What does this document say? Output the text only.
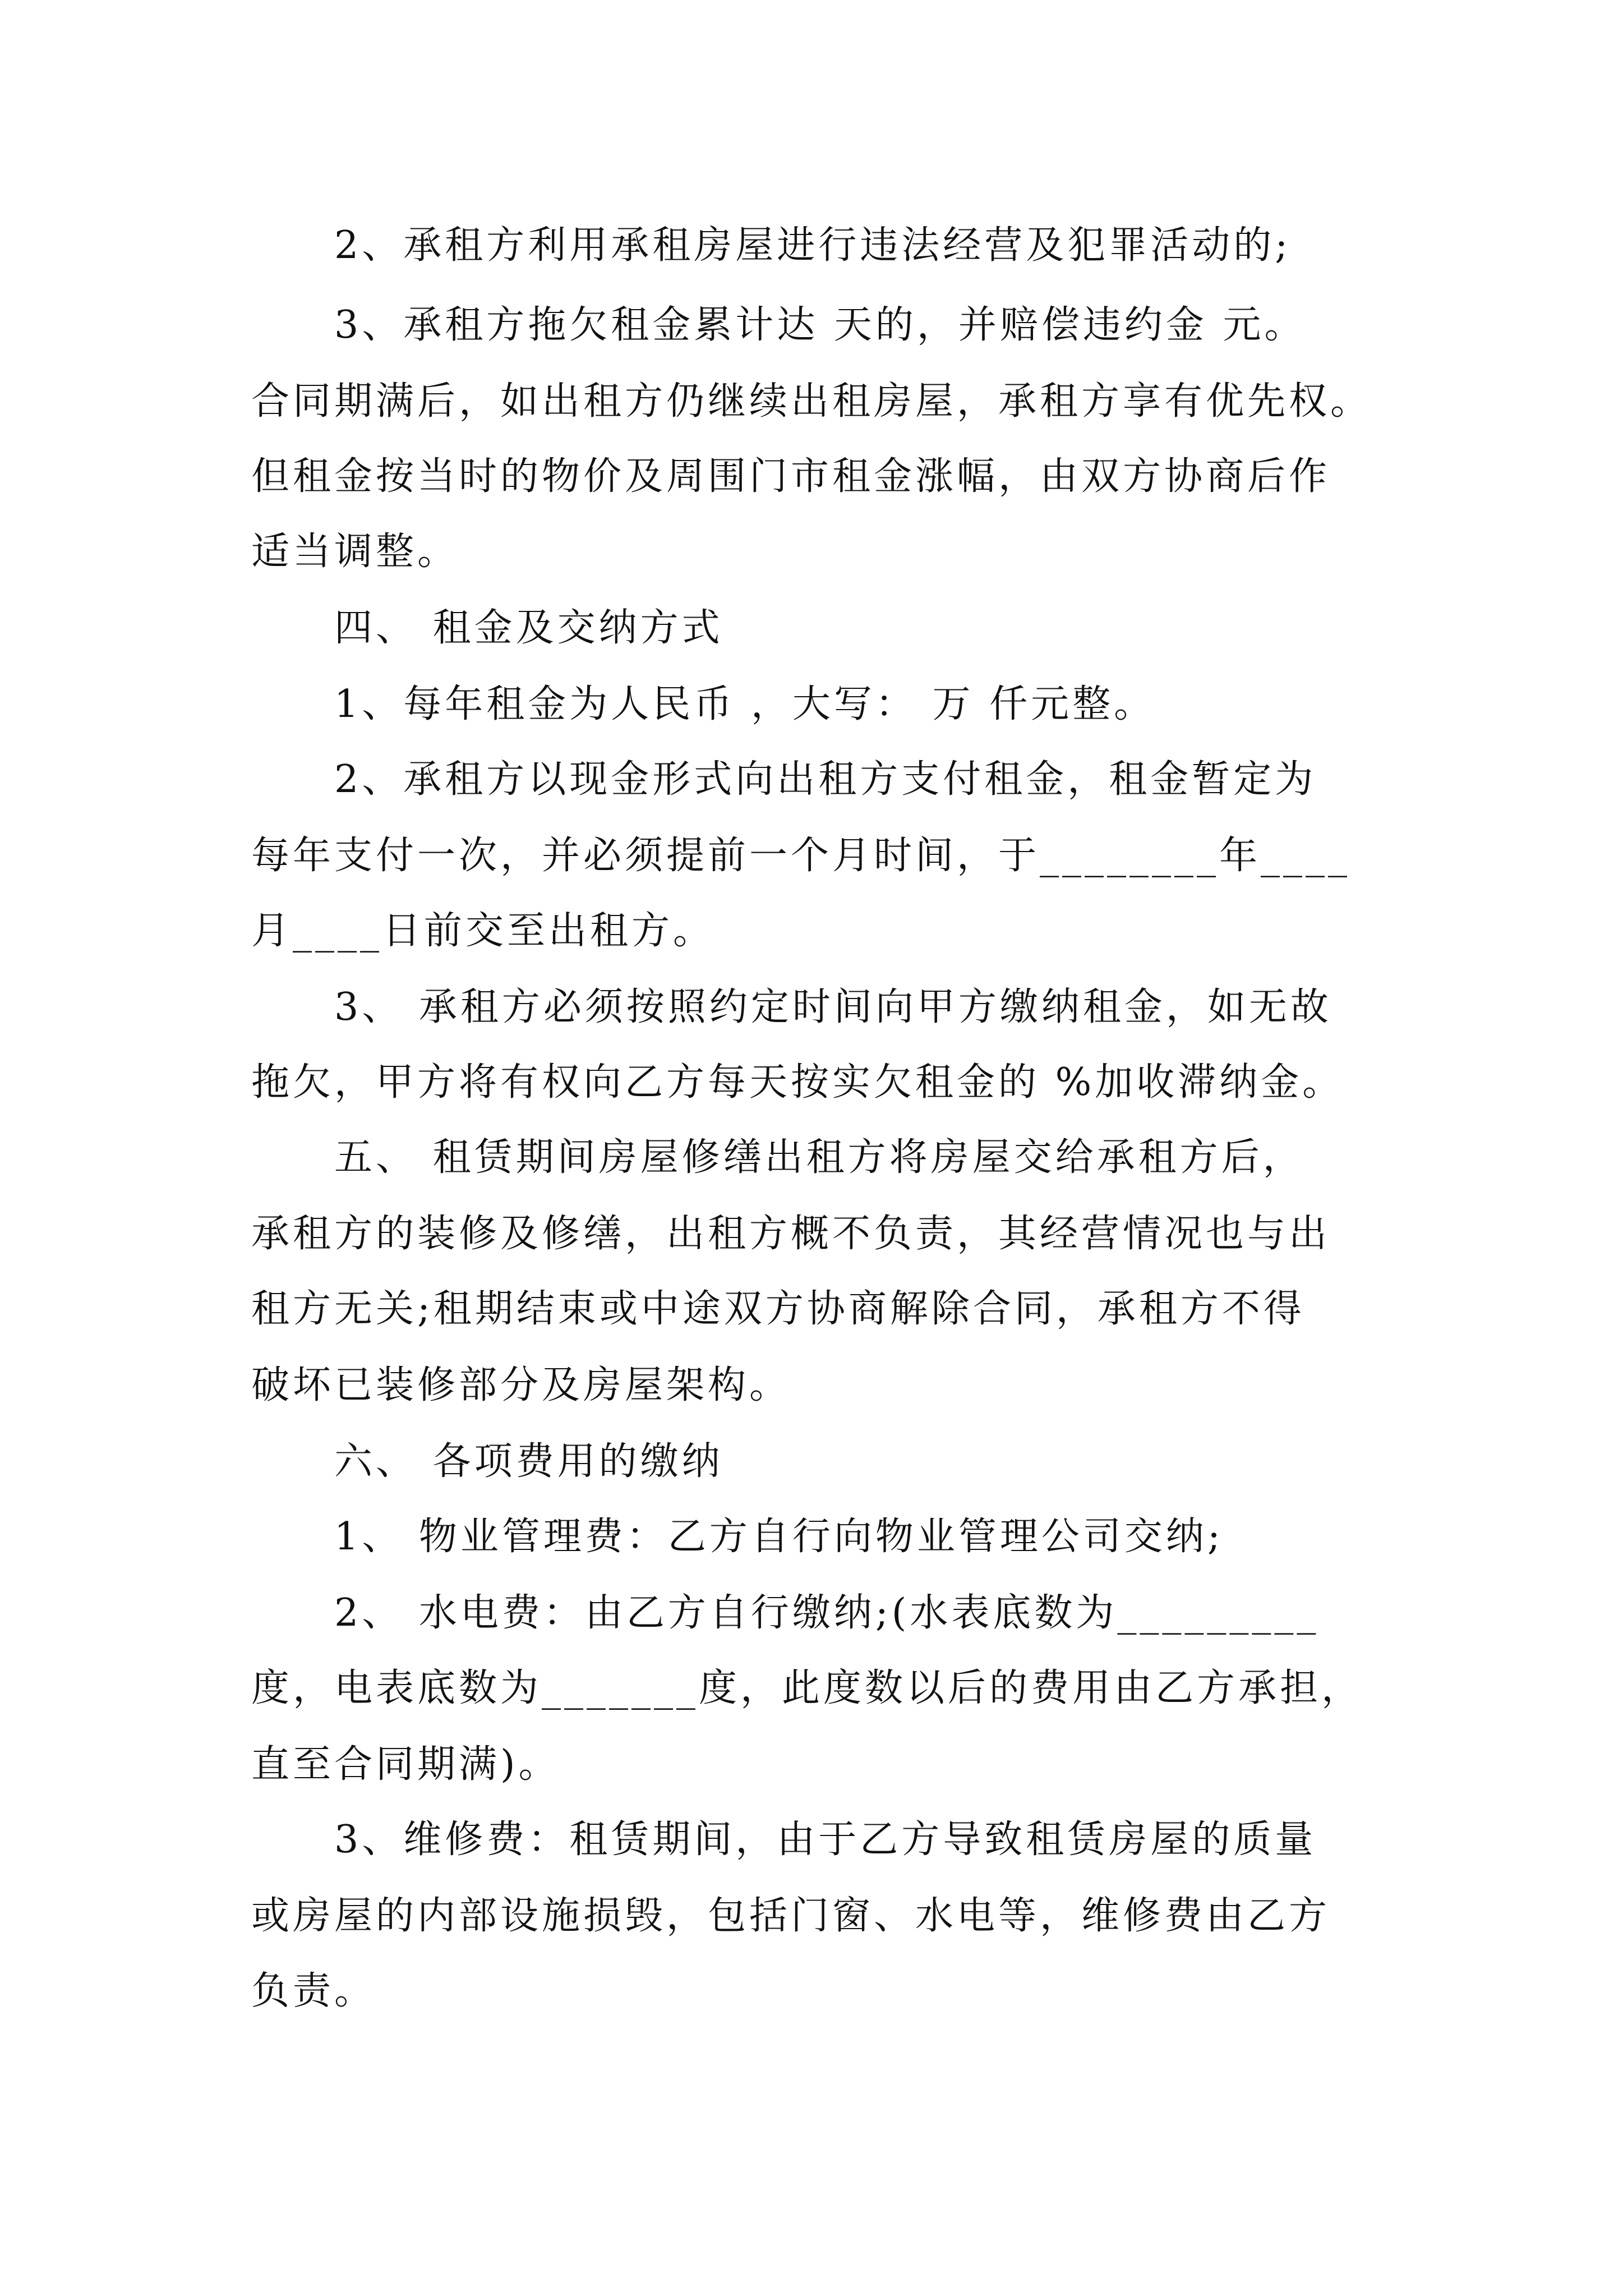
2、承租方利用承租房屋进行违法经营及犯罪活动的;
3、承租方拖欠租金累计达 天的，并赔偿违约金 元。
合同期满后，如出租方仍继续出租房屋，承租方享有优先权。
但租金按当时的物价及周围门市租金涨幅，由双方协商后作
适当调整。
四、 租金及交纳方式
1、每年租金为人民币 ，大写： 万 仟元整。
2、承租方以现金形式向出租方支付租金，租金暂定为
每年支付一次，并必须提前一个月时间，于________年____
月____日前交至出租方。
3、 承租方必须按照约定时间向甲方缴纳租金，如无故
拖欠，甲方将有权向乙方每天按实欠租金的 %加收滞纳金。
五、 租赁期间房屋修缮出租方将房屋交给承租方后，
承租方的装修及修缮，出租方概不负责，其经营情况也与出
租方无关;租期结束或中途双方协商解除合同，承租方不得
破坏已装修部分及房屋架构。
六、 各项费用的缴纳
1、 物业管理费：乙方自行向物业管理公司交纳;
2、 水电费：由乙方自行缴纳;(水表底数为_________
度，电表底数为_______度，此度数以后的费用由乙方承担，
直至合同期满)。
3、维修费：租赁期间，由于乙方导致租赁房屋的质量
或房屋的内部设施损毁，包括门窗、水电等，维修费由乙方
负责。
